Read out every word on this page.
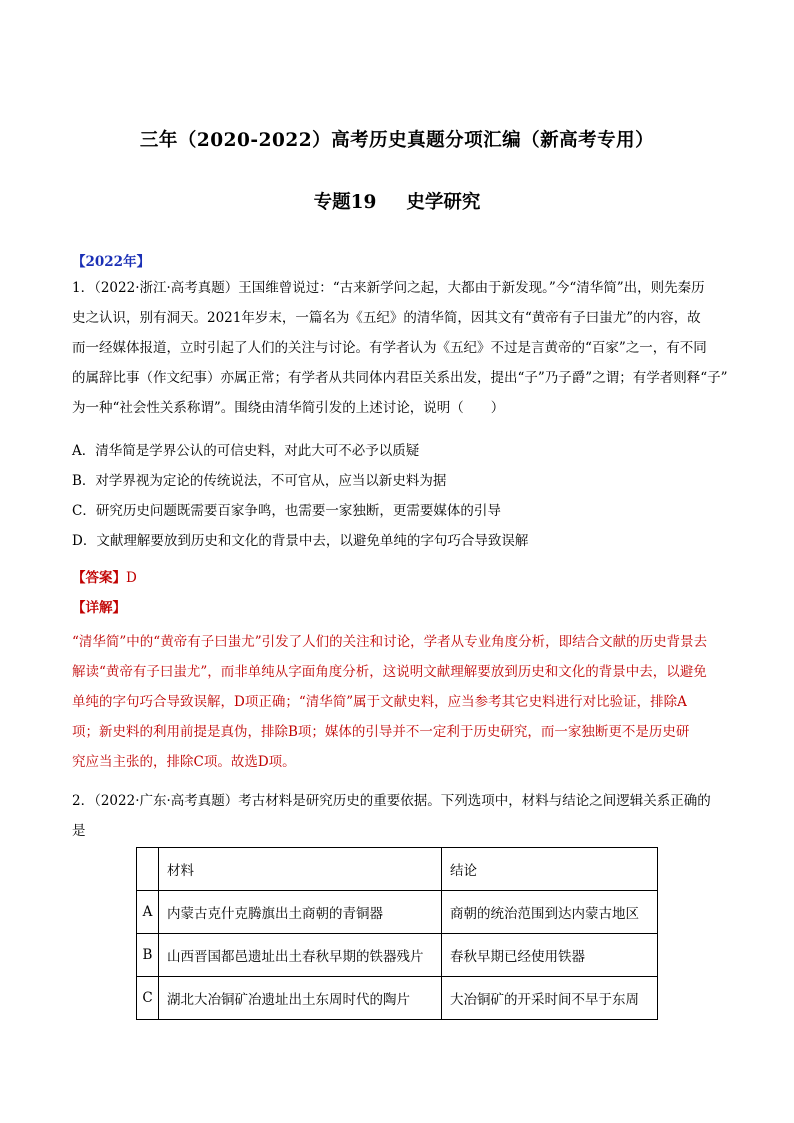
三年（2020-2022）高考历史真题分项汇编（新高考专用）
专题19 史学研究
【2022年】
1．（2022·浙江·高考真题）王国维曾说过：“古来新学问之起，大都由于新发现。”今“清华简”出，则先秦历
史之认识，别有洞天。2021年岁末，一篇名为《五纪》的清华简，因其文有“黄帝有子曰蚩尤”的内容，故
而一经媒体报道，立时引起了人们的关注与讨论。有学者认为《五纪》不过是言黄帝的“百家”之一，有不同
的属辞比事（作文纪事）亦属正常；有学者从共同体内君臣关系出发，提出“子”乃子爵”之谓；有学者则释“子”
为一种“社会性关系称谓”。围绕由清华简引发的上述讨论，说明（　　）
A．清华简是学界公认的可信史料，对此大可不必予以质疑
B．对学界视为定论的传统说法，不可官从，应当以新史料为据
C．研究历史问题既需要百家争鸣，也需要一家独断，更需要媒体的引导
D．文献理解要放到历史和文化的背景中去，以避免单纯的字句巧合导致误解
【答案】D
【详解】
“清华简”中的“黄帝有子曰蚩尤”引发了人们的关注和讨论，学者从专业角度分析，即结合文献的历史背景去
解读“黄帝有子曰蚩尤”，而非单纯从字面角度分析，这说明文献理解要放到历史和文化的背景中去，以避免
单纯的字句巧合导致误解，D项正确；“清华简”属于文献史料，应当参考其它史料进行对比验证，排除A
项；新史料的利用前提是真伪，排除B项；媒体的引导并不一定利于历史研究，而一家独断更不是历史研
究应当主张的，排除C项。故选D项。
2．（2022·广东·高考真题）考古材料是研究历史的重要依据。下列选项中，材料与结论之间逻辑关系正确的
是
	材料	结论
A	内蒙古克什克腾旗出土商朝的青铜器	商朝的统治范围到达内蒙古地区
B	山西晋国都邑遗址出土春秋早期的铁器残片	春秋早期已经使用铁器
C	湖北大冶铜矿冶遗址出土东周时代的陶片	大冶铜矿的开采时间不早于东周
